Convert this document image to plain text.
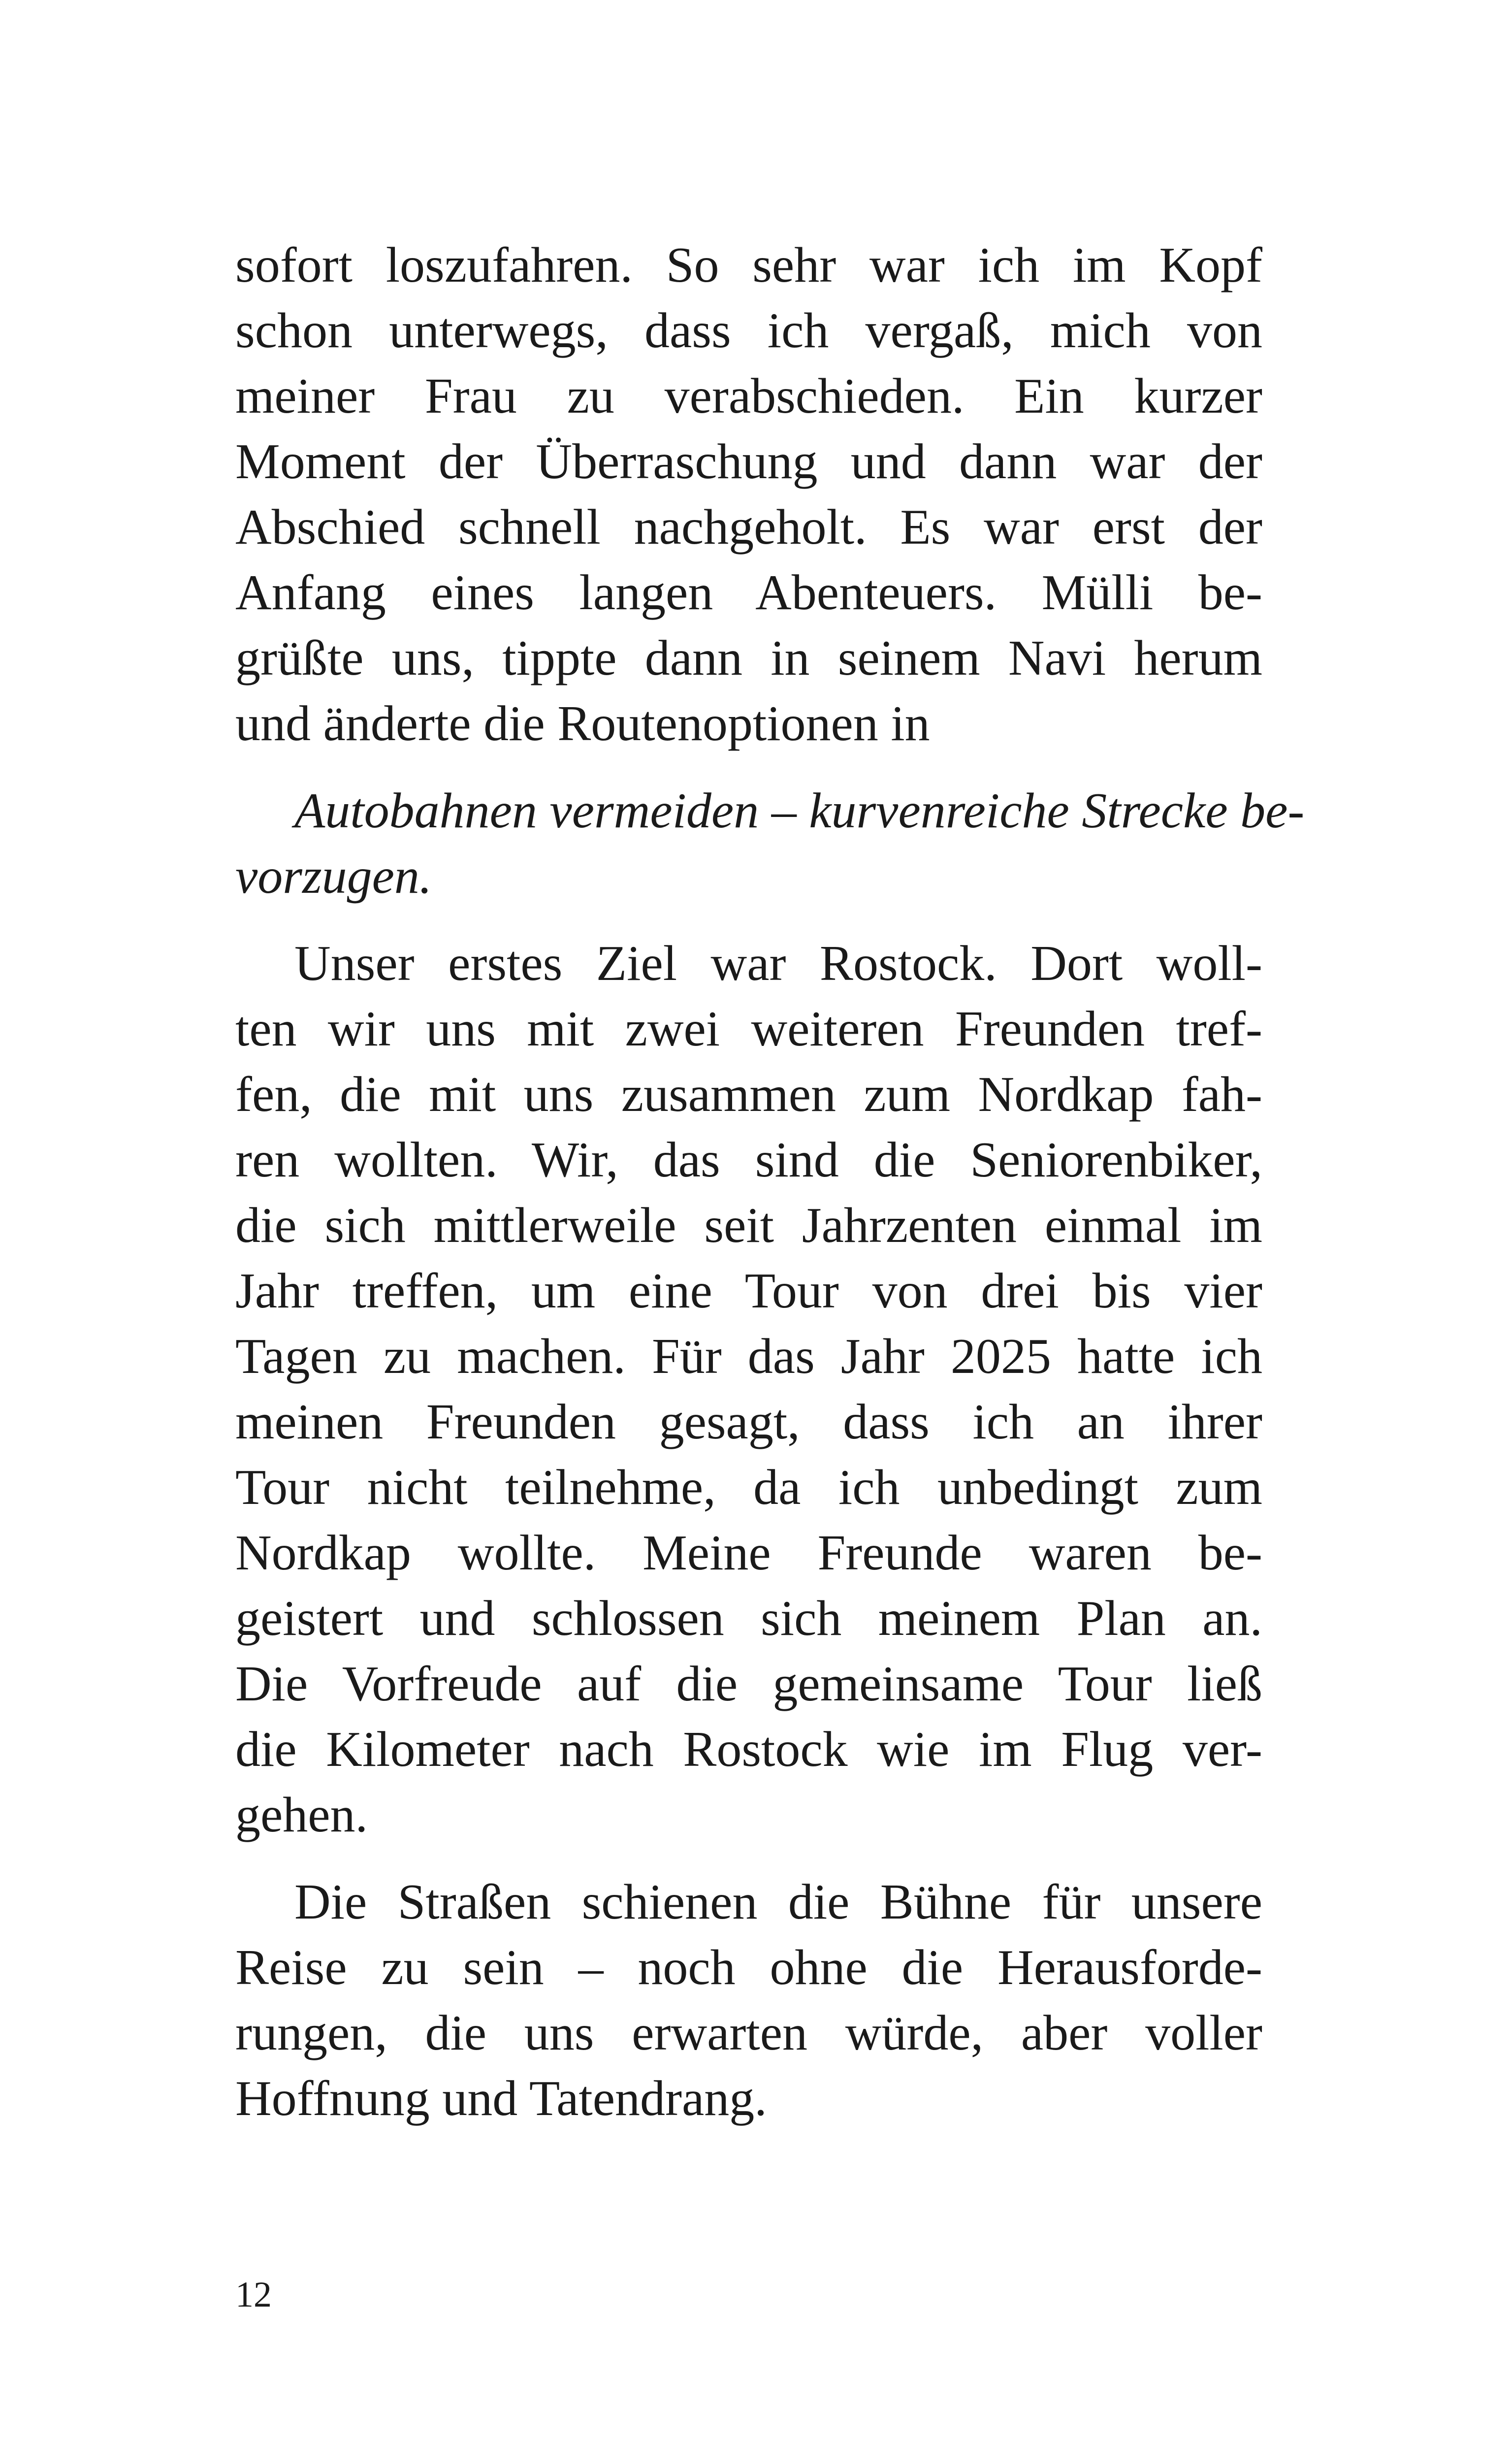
sofort loszufahren. So sehr war ich im Kopf
schon unterwegs, dass ich vergaß, mich von
meiner Frau zu verabschieden. Ein kurzer
Moment der Überraschung und dann war der
Abschied schnell nachgeholt. Es war erst der
Anfang eines langen Abenteuers. Mülli be-
grüßte uns, tippte dann in seinem Navi herum
und änderte die Routenoptionen in
Autobahnen vermeiden – kurvenreiche Strecke be-
vorzugen.
Unser erstes Ziel war Rostock. Dort woll-
ten wir uns mit zwei weiteren Freunden tref-
fen, die mit uns zusammen zum Nordkap fah-
ren wollten. Wir, das sind die Seniorenbiker,
die sich mittlerweile seit Jahrzenten einmal im
Jahr treffen, um eine Tour von drei bis vier
Tagen zu machen. Für das Jahr 2025 hatte ich
meinen Freunden gesagt, dass ich an ihrer
Tour nicht teilnehme, da ich unbedingt zum
Nordkap wollte. Meine Freunde waren be-
geistert und schlossen sich meinem Plan an.
Die Vorfreude auf die gemeinsame Tour ließ
die Kilometer nach Rostock wie im Flug ver-
gehen.
Die Straßen schienen die Bühne für unsere
Reise zu sein – noch ohne die Herausforde-
rungen, die uns erwarten würde, aber voller
Hoffnung und Tatendrang.
12
